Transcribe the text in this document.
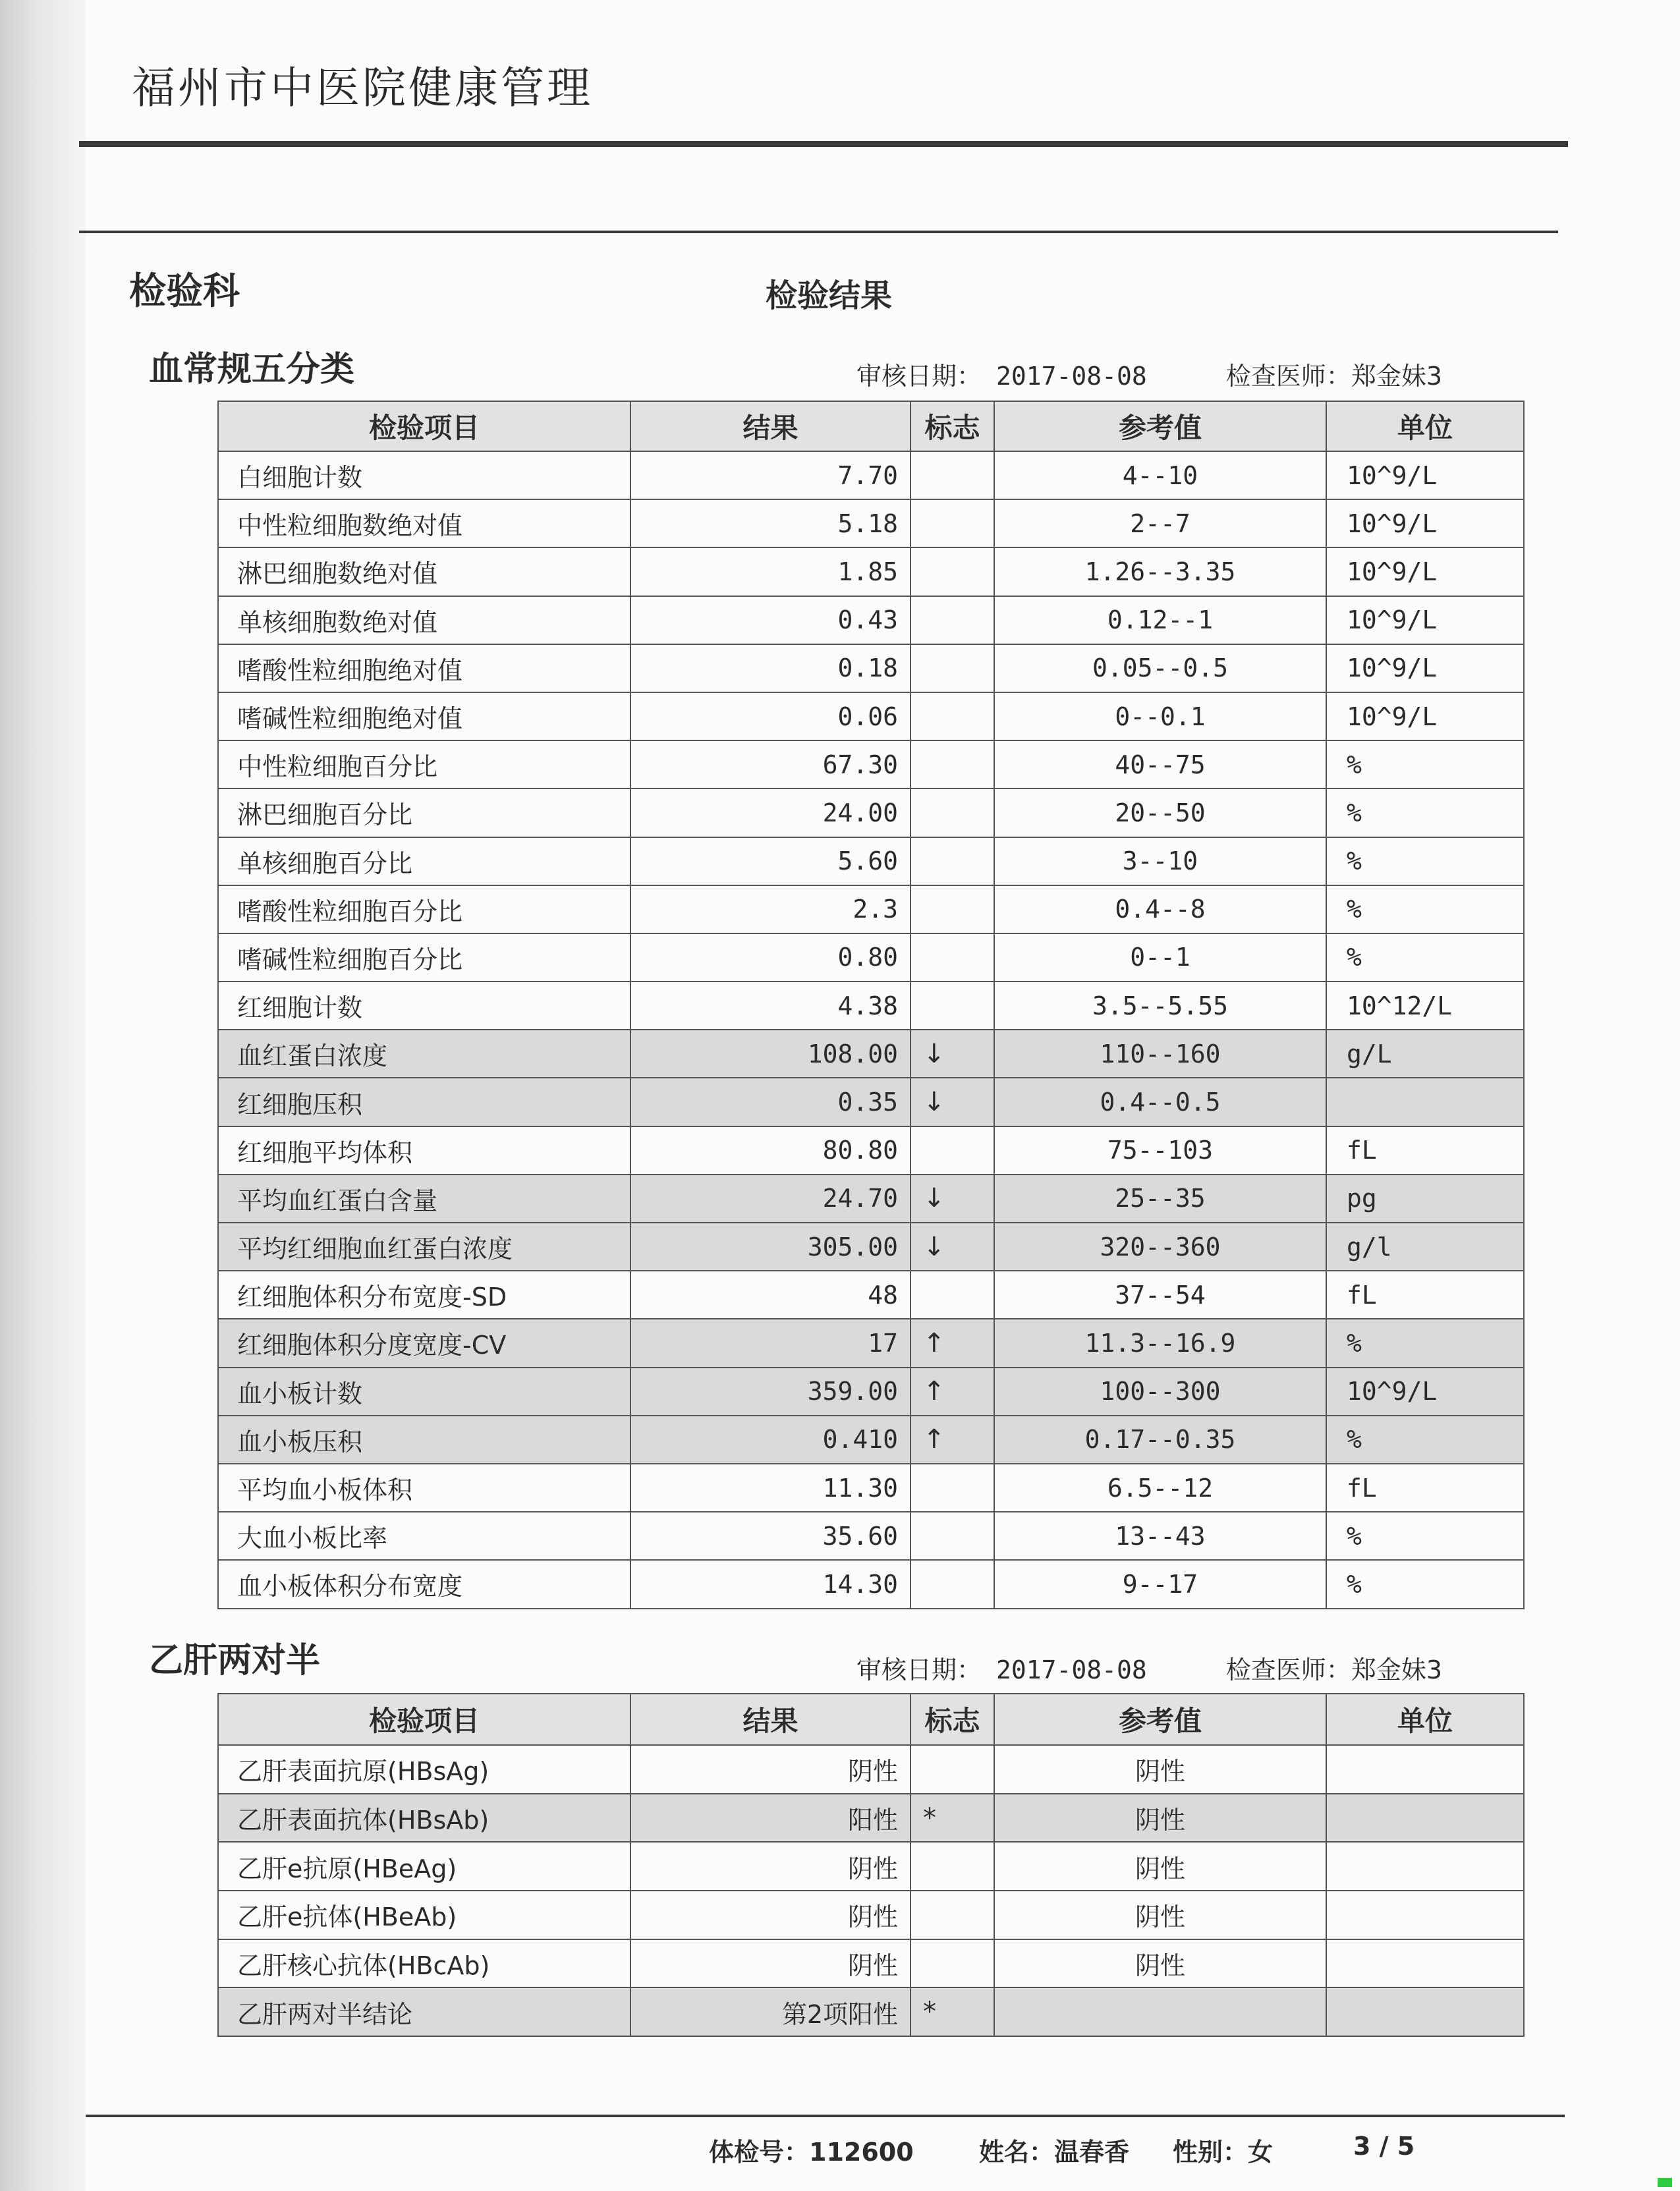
福州市中医院健康管理
检验科	检验结果
血常规五分类	审核日期： 2017-08-08	检查医师：郑金妹3
检验项目	结果	标志	参考值	单位
白细胞计数	7.70		4--10	10^9/L
中性粒细胞数绝对值	5.18		2--7	10^9/L
淋巴细胞数绝对值	1.85		1.26--3.35	10^9/L
单核细胞数绝对值	0.43		0.12--1	10^9/L
嗜酸性粒细胞绝对值	0.18		0.05--0.5	10^9/L
嗜碱性粒细胞绝对值	0.06		0--0.1	10^9/L
中性粒细胞百分比	67.30		40--75	%
淋巴细胞百分比	24.00		20--50	%
单核细胞百分比	5.60		3--10	%
嗜酸性粒细胞百分比	2.3		0.4--8	%
嗜碱性粒细胞百分比	0.80		0--1	%
红细胞计数	4.38		3.5--5.55	10^12/L
血红蛋白浓度	108.00	↓	110--160	g/L
红细胞压积	0.35	↓	0.4--0.5	
红细胞平均体积	80.80		75--103	fL
平均血红蛋白含量	24.70	↓	25--35	pg
平均红细胞血红蛋白浓度	305.00	↓	320--360	g/l
红细胞体积分布宽度-SD	48		37--54	fL
红细胞体积分度宽度-CV	17	↑	11.3--16.9	%
血小板计数	359.00	↑	100--300	10^9/L
血小板压积	0.410	↑	0.17--0.35	%
平均血小板体积	11.30		6.5--12	fL
大血小板比率	35.60		13--43	%
血小板体积分布宽度	14.30		9--17	%
乙肝两对半	审核日期： 2017-08-08	检查医师：郑金妹3
检验项目	结果	标志	参考值	单位
乙肝表面抗原(HBsAg)	阴性		阴性	
乙肝表面抗体(HBsAb)	阳性	*	阴性	
乙肝e抗原(HBeAg)	阴性		阴性	
乙肝e抗体(HBeAb)	阴性		阴性	
乙肝核心抗体(HBcAb)	阴性		阴性	
乙肝两对半结论	第2项阳性	*		
体检号：112600	姓名：温春香 性别：女	3 / 5
